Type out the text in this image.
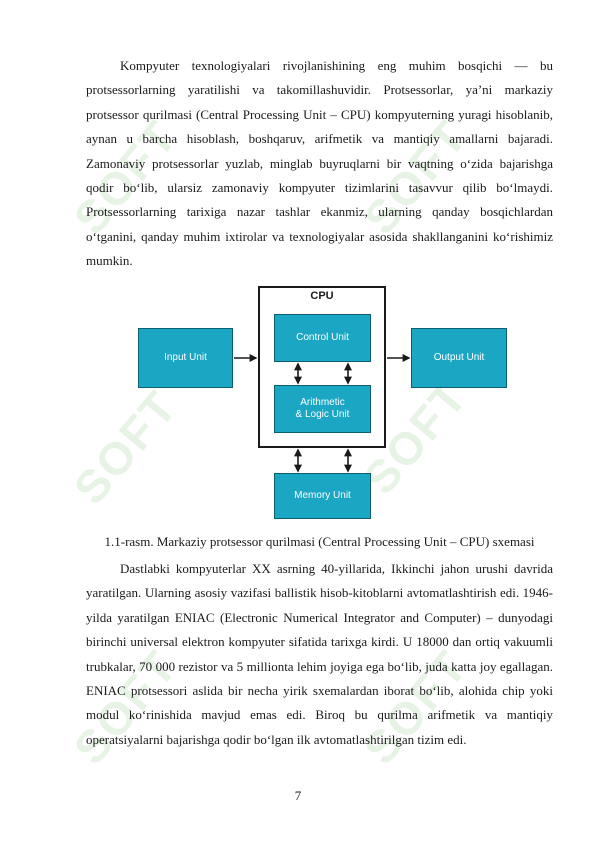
SOFT	SOFT
SOFT	SOFT
SOFT	SOFT

Kompyuter texnologiyalari rivojlanishining eng muhim bosqichi — bu protsessorlarning yaratilishi va takomillashuvidir. Protsessorlar, ya’ni markaziy protsessor qurilmasi (Central Processing Unit – CPU) kompyuterning yuragi hisoblanib, aynan u barcha hisoblash, boshqaruv, arifmetik va mantiqiy amallarni bajaradi. Zamonaviy protsessorlar yuzlab, minglab buyruqlarni bir vaqtning o‘zida bajarishga qodir bo‘lib, ularsiz zamonaviy kompyuter tizimlarini tasavvur qilib bo‘lmaydi. Protsessorlarning tarixiga nazar tashlar ekanmiz, ularning qanday bosqichlardan o‘tganini, qanday muhim ixtirolar va texnologiyalar asosida shakllanganini ko‘rishimiz mumkin.

CPU
Input Unit
Control Unit
Arithmetic
& Logic Unit
Output Unit
Memory Unit

1.1-rasm. Markaziy protsessor qurilmasi (Central Processing Unit – CPU) sxemasi

Dastlabki kompyuterlar XX asrning 40-yillarida, Ikkinchi jahon urushi davrida yaratilgan. Ularning asosiy vazifasi ballistik hisob-kitoblarni avtomatlashtirish edi. 1946-yilda yaratilgan ENIAC (Electronic Numerical Integrator and Computer) – dunyodagi birinchi universal elektron kompyuter sifatida tarixga kirdi. U 18000 dan ortiq vakuumli trubkalar, 70 000 rezistor va 5 millionta lehim joyiga ega bo‘lib, juda katta joy egallagan. ENIAC protsessori aslida bir necha yirik sxemalardan iborat bo‘lib, alohida chip yoki modul ko‘rinishida mavjud emas edi. Biroq bu qurilma arifmetik va mantiqiy operatsiyalarni bajarishga qodir bo‘lgan ilk avtomatlashtirilgan tizim edi.

7
